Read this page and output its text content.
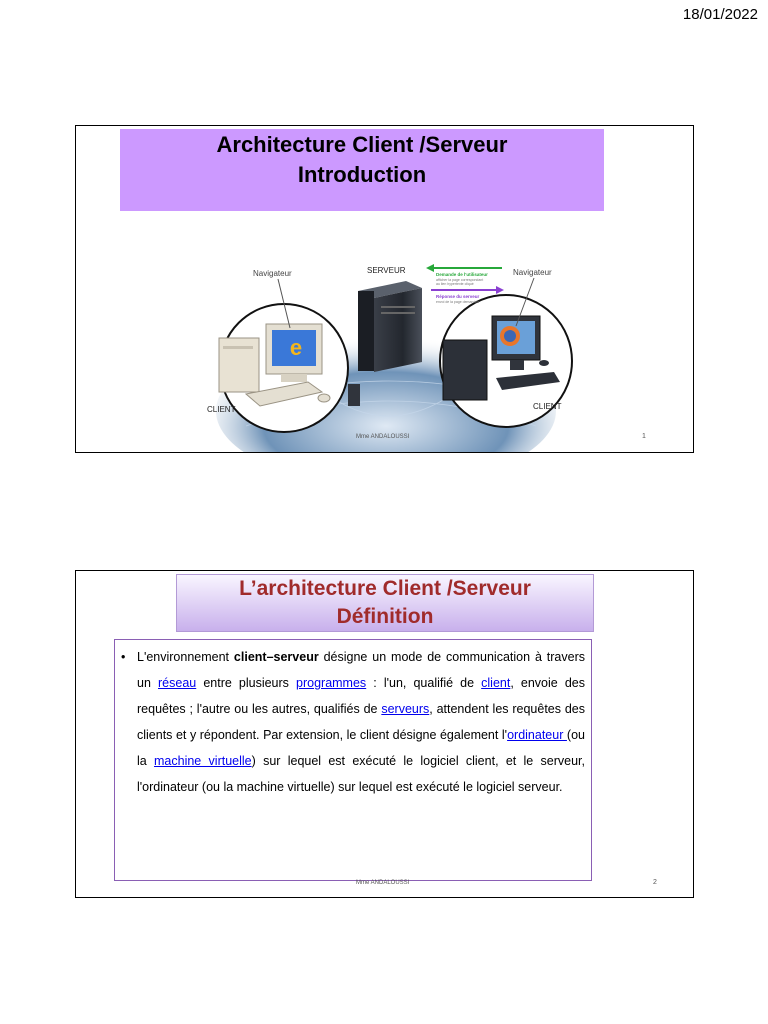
18/01/2022
Architecture Client /Serveur
Introduction
e
Navigateur	SERVEUR	Navigateur
CLIENT	CLIENT
Demande de l'utilisateur
afficher la page correspondant
au lien hypertexte cliqué
Réponse du serveur
envoi de la page demandée
Mme ANDALOUSSI	1
L’architecture Client /Serveur
Définition

• L'environnement client–serveur désigne un mode de communication à travers un réseau entre plusieurs programmes : l'un, qualifié de client, envoie des requêtes ; l'autre ou les autres, qualifiés de serveurs, attendent les requêtes des clients et y répondent. Par extension, le client désigne également l'ordinateur (ou la machine virtuelle) sur lequel est exécuté le logiciel client, et le serveur, l'ordinateur (ou la machine virtuelle) sur lequel est exécuté le logiciel serveur.

Mme ANDALOUSSI	2
